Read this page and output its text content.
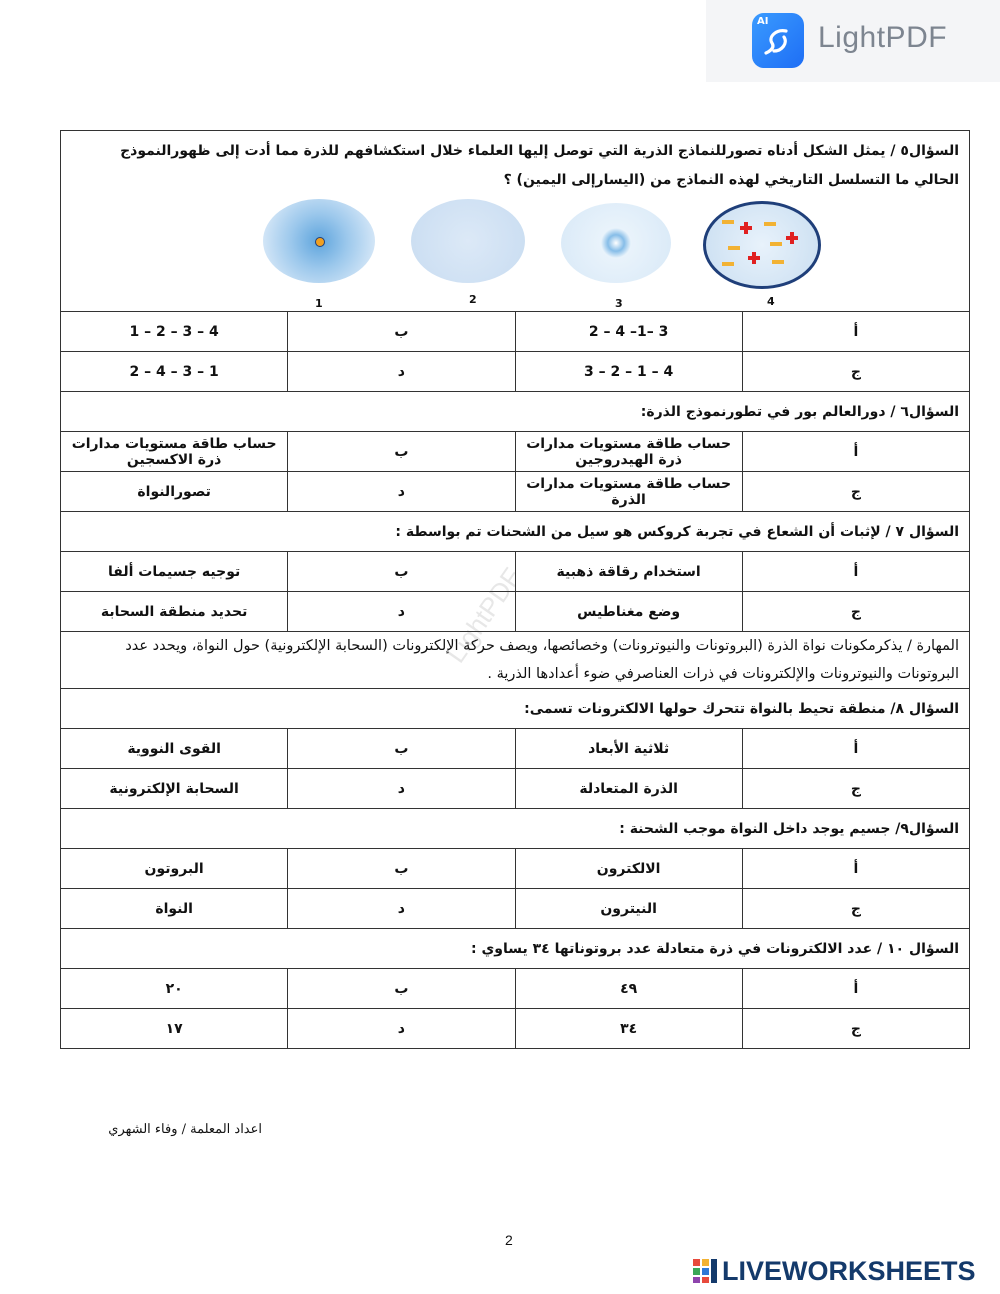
AI LightPDF
LightPDF
السؤال٥ / يمثل الشكل أدناه تصورللنماذج الذرية التي توصل إليها العلماء خلال استكشافهم للذرة مما أدت إلى ظهورالنموذج الحالي ما التسلسل التاريخي لهذه النماذج من (اليسارإلى اليمين) ؟
1 2 3 4			

أ	3 –1– 4 – 2	ب	4 – 3 – 2 – 1
ج	4 – 1 – 2 – 3	د	1 – 3 – 4 – 2
السؤال٦ / دورالعالم بور في تطورنموذج الذرة:			
أ	حساب طاقة مستويات مدارات ذرة الهيدروجين	ب	حساب طاقة مستويات مدارات ذرة الاكسجين
ج	حساب طاقة مستويات مدارات الذرة	د	تصورالنواة
السؤال ٧ / لإثبات أن الشعاع في تجربة كروكس هو سيل من الشحنات تم بواسطة :			
أ	استخدام رقاقة ذهبية	ب	توجيه جسيمات ألفا
ج	وضع مغناطيس	د	تحديد منطقة السحابة
المهارة / يذكرمكونات نواة الذرة (البروتونات والنيوترونات) وخصائصها، ويصف حركة الإلكترونات (السحابة الإلكترونية) حول النواة، ويحدد عدد البروتونات والنيوترونات والإلكترونات في ذرات العناصرفي ضوء أعدادها الذرية .			
السؤال ٨/ منطقة تحيط بالنواة تتحرك حولها الالكترونات تسمى:			
أ	ثلاثية الأبعاد	ب	القوى النووية
ج	الذرة المتعادلة	د	السحابة الإلكترونية
السؤال٩/ جسيم يوجد داخل النواة موجب الشحنة :			
أ	الالكترون	ب	البروتون
ج	النيترون	د	النواة
السؤال ١٠ / عدد الالكترونات في ذرة متعادلة عدد بروتوناتها ٣٤ يساوي :			
أ	٤٩	ب	٢٠
ج	٣٤	د	١٧
اعداد المعلمة / وفاء الشهري
2
LIVEWORKSHEETS
